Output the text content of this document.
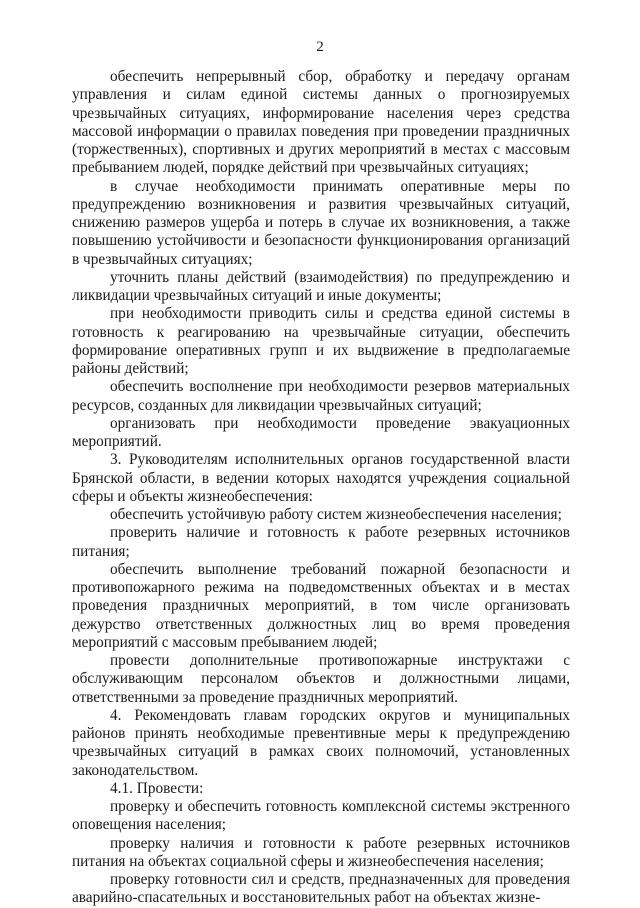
2

обеспечить непрерывный сбор, обработку и передачу органам управления и силам единой системы данных о прогнозируемых чрезвычайных ситуациях, информирование населения через средства массовой информации о правилах поведения при проведении праздничных (торжественных), спортивных и других мероприятий в местах с массовым пребыванием людей, порядке действий при чрезвычайных ситуациях;

в случае необходимости принимать оперативные меры по предупреждению возникновения и развития чрезвычайных ситуаций, снижению размеров ущерба и потерь в случае их возникновения, а также повышению устойчивости и безопасности функционирования организаций в чрезвычайных ситуациях;

уточнить планы действий (взаимодействия) по предупреждению и ликвидации чрезвычайных ситуаций и иные документы;

при необходимости приводить силы и средства единой системы в готовность к реагированию на чрезвычайные ситуации, обеспечить формирование оперативных групп и их выдвижение в предполагаемые районы действий;

обеспечить восполнение при необходимости резервов материальных ресурсов, созданных для ликвидации чрезвычайных ситуаций;

организовать при необходимости проведение эвакуационных мероприятий.

3. Руководителям исполнительных органов государственной власти Брянской области, в ведении которых находятся учреждения социальной сферы и объекты жизнеобеспечения:

обеспечить устойчивую работу систем жизнеобеспечения населения;

проверить наличие и готовность к работе резервных источников питания;

обеспечить выполнение требований пожарной безопасности и противопожарного режима на подведомственных объектах и в местах проведения праздничных мероприятий, в том числе организовать дежурство ответственных должностных лиц во время проведения мероприятий с массовым пребыванием людей;

провести дополнительные противопожарные инструктажи с обслуживающим персоналом объектов и должностными лицами, ответственными за проведение праздничных мероприятий.

4. Рекомендовать главам городских округов и муниципальных районов принять необходимые превентивные меры к предупреждению чрезвычайных ситуаций в рамках своих полномочий, установленных законодательством.

4.1. Провести:

проверку и обеспечить готовность комплексной системы экстренного оповещения населения;

проверку наличия и готовности к работе резервных источников питания на объектах социальной сферы и жизнеобеспечения населения;

проверку готовности сил и средств, предназначенных для проведения аварийно-спасательных и восстановительных работ на объектах жизне-
